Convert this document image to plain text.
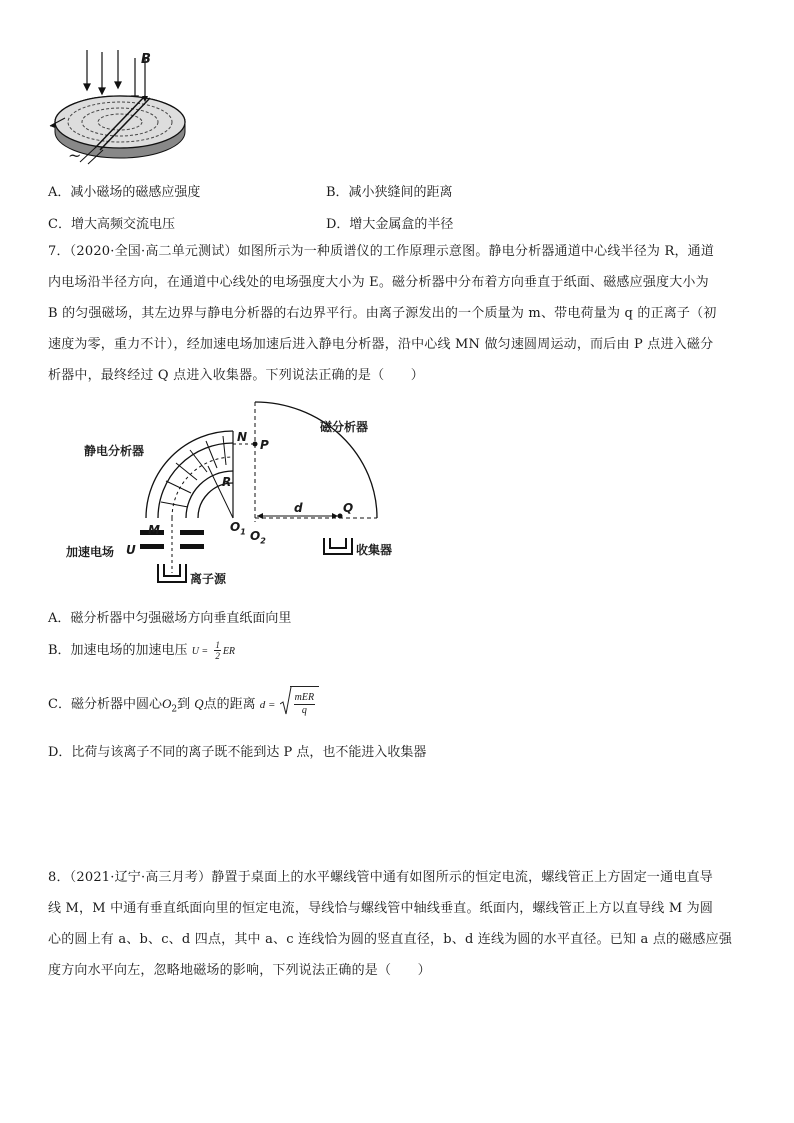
B
~
A．减小磁场的磁感应强度	B．减小狭缝间的距离
C．增大高频交流电压	D．增大金属盒的半径
7．（2020·全国·高二单元测试）如图所示为一种质谱仪的工作原理示意图。静电分析器通道中心线半径为 R，通道
内电场沿半径方向，在通道中心线处的电场强度大小为 E。磁分析器中分布着方向垂直于纸面、磁感应强度大小为
B 的匀强磁场，其左边界与静电分析器的右边界平行。由离子源发出的一个质量为 m、带电荷量为 q 的正离子（初
速度为零，重力不计），经加速电场加速后进入静电分析器，沿中心线 MN 做匀速圆周运动，而后由 P 点进入磁分
析器中，最终经过 Q 点进入收集器。下列说法正确的是（　　）
静电分析器
磁分析器
加速电场 U
离子源
收集器
N
P
R
M	$O_1$ $O_2$
d	Q
A．磁分析器中匀强磁场方向垂直纸面向里
B．加速电场的加速电压 $U = \frac{1}{2}$ ER
C．磁分析器中圆心$O_2$到 Q点的距离 $d = \frac{\text{mER}}{q}$
D．比荷与该离子不同的离子既不能到达 P 点，也不能进入收集器
8．（2021·辽宁·高三月考）静置于桌面上的水平螺线管中通有如图所示的恒定电流，螺线管正上方固定一通电直导
线 M，M 中通有垂直纸面向里的恒定电流，导线恰与螺线管中轴线垂直。纸面内，螺线管正上方以直导线 M 为圆
心的圆上有 a、b、c、d 四点，其中 a、c 连线恰为圆的竖直直径，b、d 连线为圆的水平直径。已知 a 点的磁感应强
度方向水平向左，忽略地磁场的影响，下列说法正确的是（　　）
